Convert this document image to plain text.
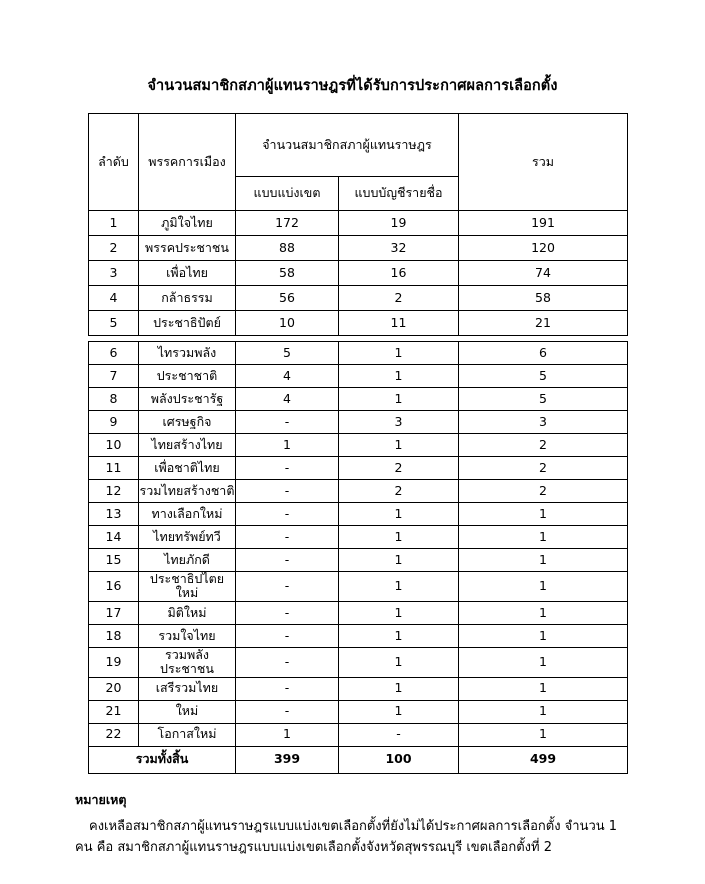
จำนวนสมาชิกสภาผู้แทนราษฎรที่ได้รับการประกาศผลการเลือกตั้ง
ลำดับ	พรรคการเมือง	จำนวนสมาชิกสภาผู้แทนราษฎร		รวม
		แบบแบ่งเขต	แบบบัญชีรายชื่อ	
1	ภูมิใจไทย	172	19	191
2	พรรคประชาชน	88	32	120
3	เพื่อไทย	58	16	74
4	กล้าธรรม	56	2	58
5	ประชาธิปัตย์	10	11	21
6	ไทรวมพลัง	5	1	6
7	ประชาชาติ	4	1	5
8	พลังประชารัฐ	4	1	5
9	เศรษฐกิจ	-	3	3
10	ไทยสร้างไทย	1	1	2
11	เพื่อชาติไทย	-	2	2
12	รวมไทยสร้างชาติ	-	2	2
13	ทางเลือกใหม่	-	1	1
14	ไทยทรัพย์ทวี	-	1	1
15	ไทยภักดี	-	1	1
16	ประชาธิปไตยใหม่	-	1	1
17	มิติใหม่	-	1	1
18	รวมใจไทย	-	1	1
19	รวมพลังประชาชน	-	1	1
20	เสรีรวมไทย	-	1	1
21	ใหม่	-	1	1
22	โอกาสใหม่	1	-	1
รวมทั้งสิ้น		399	100	499

หมายเหตุ

คงเหลือสมาชิกสภาผู้แทนราษฎรแบบแบ่งเขตเลือกตั้งที่ยังไม่ได้ประกาศผลการเลือกตั้ง จำนวน 1 คน คือ สมาชิกสภาผู้แทนราษฎรแบบแบ่งเขตเลือกตั้งจังหวัดสุพรรณบุรี เขตเลือกตั้งที่ 2
